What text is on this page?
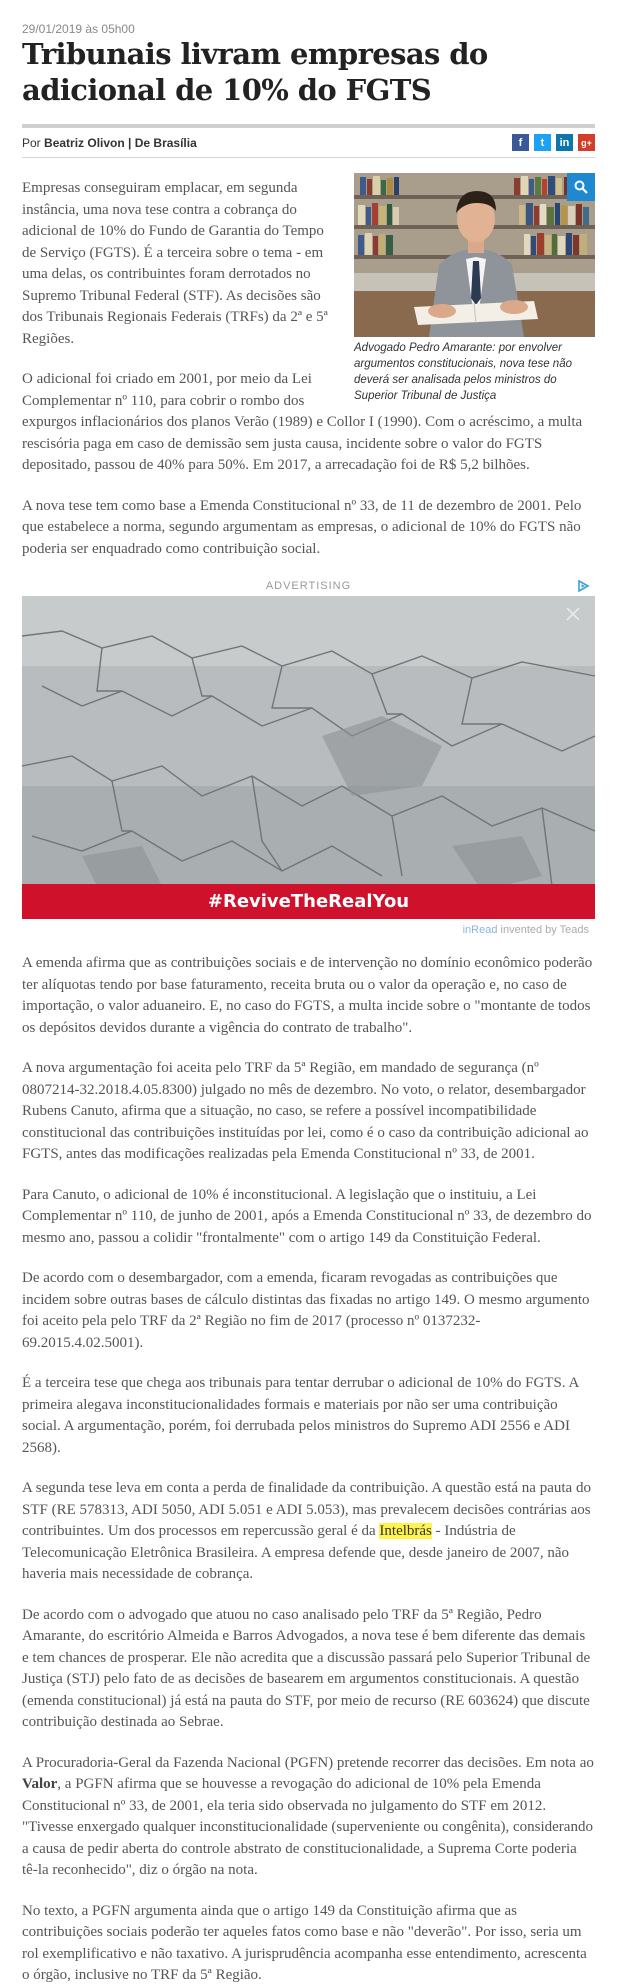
29/01/2019 às 05h00
Tribunais livram empresas do adicional de 10% do FGTS
Por Beatriz Olivon | De Brasília	f	t	in	g+
Advogado Pedro Amarante: por envolver argumentos constitucionais, nova tese não deverá ser analisada pelos ministros do Superior Tribunal de Justiça

Empresas conseguiram emplacar, em segunda instância, uma nova tese contra a cobrança do adicional de 10% do Fundo de Garantia do Tempo de Serviço (FGTS). É a terceira sobre o tema - em uma delas, os contribuintes foram derrotados no Supremo Tribunal Federal (STF). As decisões são dos Tribunais Regionais Federais (TRFs) da 2ª e 5ª Regiões.

O adicional foi criado em 2001, por meio da Lei Complementar nº 110, para cobrir o rombo dos expurgos inflacionários dos planos Verão (1989) e Collor I (1990). Com o acréscimo, a multa rescisória paga em caso de demissão sem justa causa, incidente sobre o valor do FGTS depositado, passou de 40% para 50%. Em 2017, a arrecadação foi de R$ 5,2 bilhões.

A nova tese tem como base a Emenda Constitucional nº 33, de 11 de dezembro de 2001. Pelo que estabelece a norma, segundo argumentam as empresas, o adicional de 10% do FGTS não poderia ser enquadrado como contribuição social.

ADVERTISING
#ReviveTheRealYou
inRead invented by Teads

A emenda afirma que as contribuições sociais e de intervenção no domínio econômico poderão ter alíquotas tendo por base faturamento, receita bruta ou o valor da operação e, no caso de importação, o valor aduaneiro. E, no caso do FGTS, a multa incide sobre o "montante de todos os depósitos devidos durante a vigência do contrato de trabalho".

A nova argumentação foi aceita pelo TRF da 5ª Região, em mandado de segurança (nº 0807214-32.2018.4.05.8300) julgado no mês de dezembro. No voto, o relator, desembargador Rubens Canuto, afirma que a situação, no caso, se refere a possível incompatibilidade constitucional das contribuições instituídas por lei, como é o caso da contribuição adicional ao FGTS, antes das modificações realizadas pela Emenda Constitucional nº 33, de 2001.

Para Canuto, o adicional de 10% é inconstitucional. A legislação que o instituiu, a Lei Complementar nº 110, de junho de 2001, após a Emenda Constitucional nº 33, de dezembro do mesmo ano, passou a colidir "frontalmente" com o artigo 149 da Constituição Federal.

De acordo com o desembargador, com a emenda, ficaram revogadas as contribuições que incidem sobre outras bases de cálculo distintas das fixadas no artigo 149. O mesmo argumento foi aceito pela pelo TRF da 2ª Região no fim de 2017 (processo nº 0137232-69.2015.4.02.5001).

É a terceira tese que chega aos tribunais para tentar derrubar o adicional de 10% do FGTS. A primeira alegava inconstitucionalidades formais e materiais por não ser uma contribuição social. A argumentação, porém, foi derrubada pelos ministros do Supremo ADI 2556 e ADI 2568).

A segunda tese leva em conta a perda de finalidade da contribuição. A questão está na pauta do STF (RE 578313, ADI 5050, ADI 5.051 e ADI 5.053), mas prevalecem decisões contrárias aos contribuintes. Um dos processos em repercussão geral é da Intelbrás - Indústria de Telecomunicação Eletrônica Brasileira. A empresa defende que, desde janeiro de 2007, não haveria mais necessidade de cobrança.

De acordo com o advogado que atuou no caso analisado pelo TRF da 5ª Região, Pedro Amarante, do escritório Almeida e Barros Advogados, a nova tese é bem diferente das demais e tem chances de prosperar. Ele não acredita que a discussão passará pelo Superior Tribunal de Justiça (STJ) pelo fato de as decisões de basearem em argumentos constitucionais. A questão (emenda constitucional) já está na pauta do STF, por meio de recurso (RE 603624) que discute contribuição destinada ao Sebrae.

A Procuradoria-Geral da Fazenda Nacional (PGFN) pretende recorrer das decisões. Em nota ao Valor, a PGFN afirma que se houvesse a revogação do adicional de 10% pela Emenda Constitucional nº 33, de 2001, ela teria sido observada no julgamento do STF em 2012. "Tivesse enxergado qualquer inconstitucionalidade (superveniente ou congênita), considerando a causa de pedir aberta do controle abstrato de constitucionalidade, a Suprema Corte poderia tê-la reconhecido", diz o órgão na nota.

No texto, a PGFN argumenta ainda que o artigo 149 da Constituição afirma que as contribuições sociais poderão ter aqueles fatos como base e não "deverão". Por isso, seria um rol exemplificativo e não taxativo. A jurisprudência acompanha esse entendimento, acrescenta o órgão, inclusive no TRF da 5ª Região.
